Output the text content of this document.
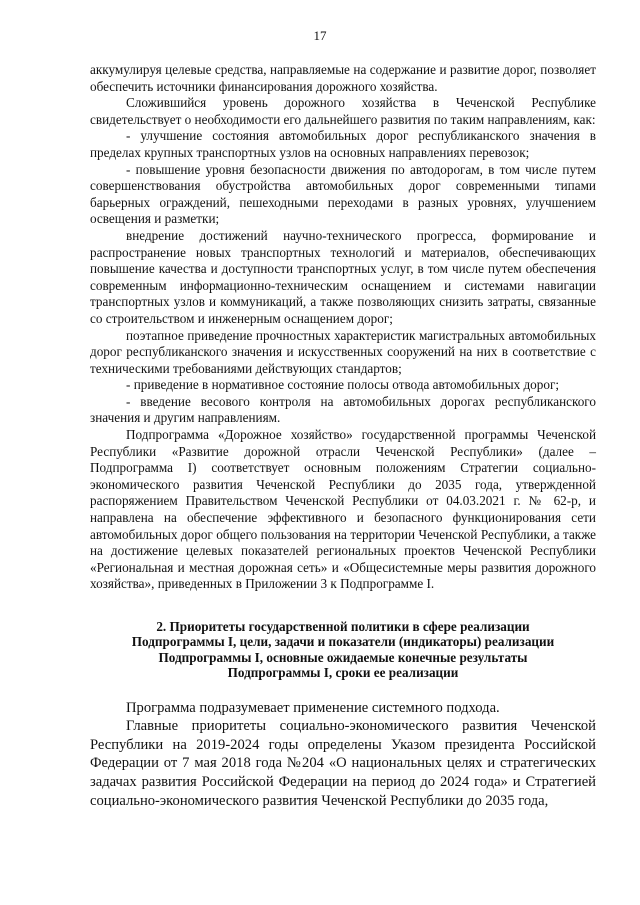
17

аккумулируя целевые средства, направляемые на содержание и развитие дорог, позволяет обеспечить источники финансирования дорожного хозяйства.

Сложившийся уровень дорожного хозяйства в Чеченской Республике свидетельствует о необходимости его дальнейшего развития по таким направлениям, как:

- улучшение состояния автомобильных дорог республиканского значения в пределах крупных транспортных узлов на основных направлениях перевозок;

- повышение уровня безопасности движения по автодорогам, в том числе путем совершенствования обустройства автомобильных дорог современными типами барьерных ограждений, пешеходными переходами в разных уровнях, улучшением освещения и разметки;

внедрение достижений научно-технического прогресса, формирование и распространение новых транспортных технологий и материалов, обеспечивающих повышение качества и доступности транспортных услуг, в том числе путем обеспечения современным информационно-техническим оснащением и системами навигации транспортных узлов и коммуникаций, а также позволяющих снизить затраты, связанные со строительством и инженерным оснащением дорог;

поэтапное приведение прочностных характеристик магистральных автомобильных дорог республиканского значения и искусственных сооружений на них в соответствие с техническими требованиями действующих стандартов;

- приведение в нормативное состояние полосы отвода автомобильных дорог;

- введение весового контроля на автомобильных дорогах республиканского значения и другим направлениям.

Подпрограмма «Дорожное хозяйство» государственной программы Чеченской Республики «Развитие дорожной отрасли Чеченской Республики» (далее – Подпрограмма I) соответствует основным положениям Стратегии социально-экономического развития Чеченской Республики до 2035 года, утвержденной распоряжением Правительством Чеченской Республики от 04.03.2021 г. № 62-р, и направлена на обеспечение эффективного и безопасного функционирования сети автомобильных дорог общего пользования на территории Чеченской Республики, а также на достижение целевых показателей региональных проектов Чеченской Республики «Региональная и местная дорожная сеть» и «Общесистемные меры развития дорожного хозяйства», приведенных в Приложении 3 к Подпрограмме I.

2. Приоритеты государственной политики в сфере реализации
Подпрограммы I, цели, задачи и показатели (индикаторы) реализации
Подпрограммы I, основные ожидаемые конечные результаты
Подпрограммы I, сроки ее реализации

Программа подразумевает применение системного подхода.

Главные приоритеты социально-экономического развития Чеченской Республики на 2019-2024 годы определены Указом президента Российской Федерации от 7 мая 2018 года №204 «О национальных целях и стратегических задачах развития Российской Федерации на период до 2024 года» и Стратегией социально-экономического развития Чеченской Республики до 2035 года,
